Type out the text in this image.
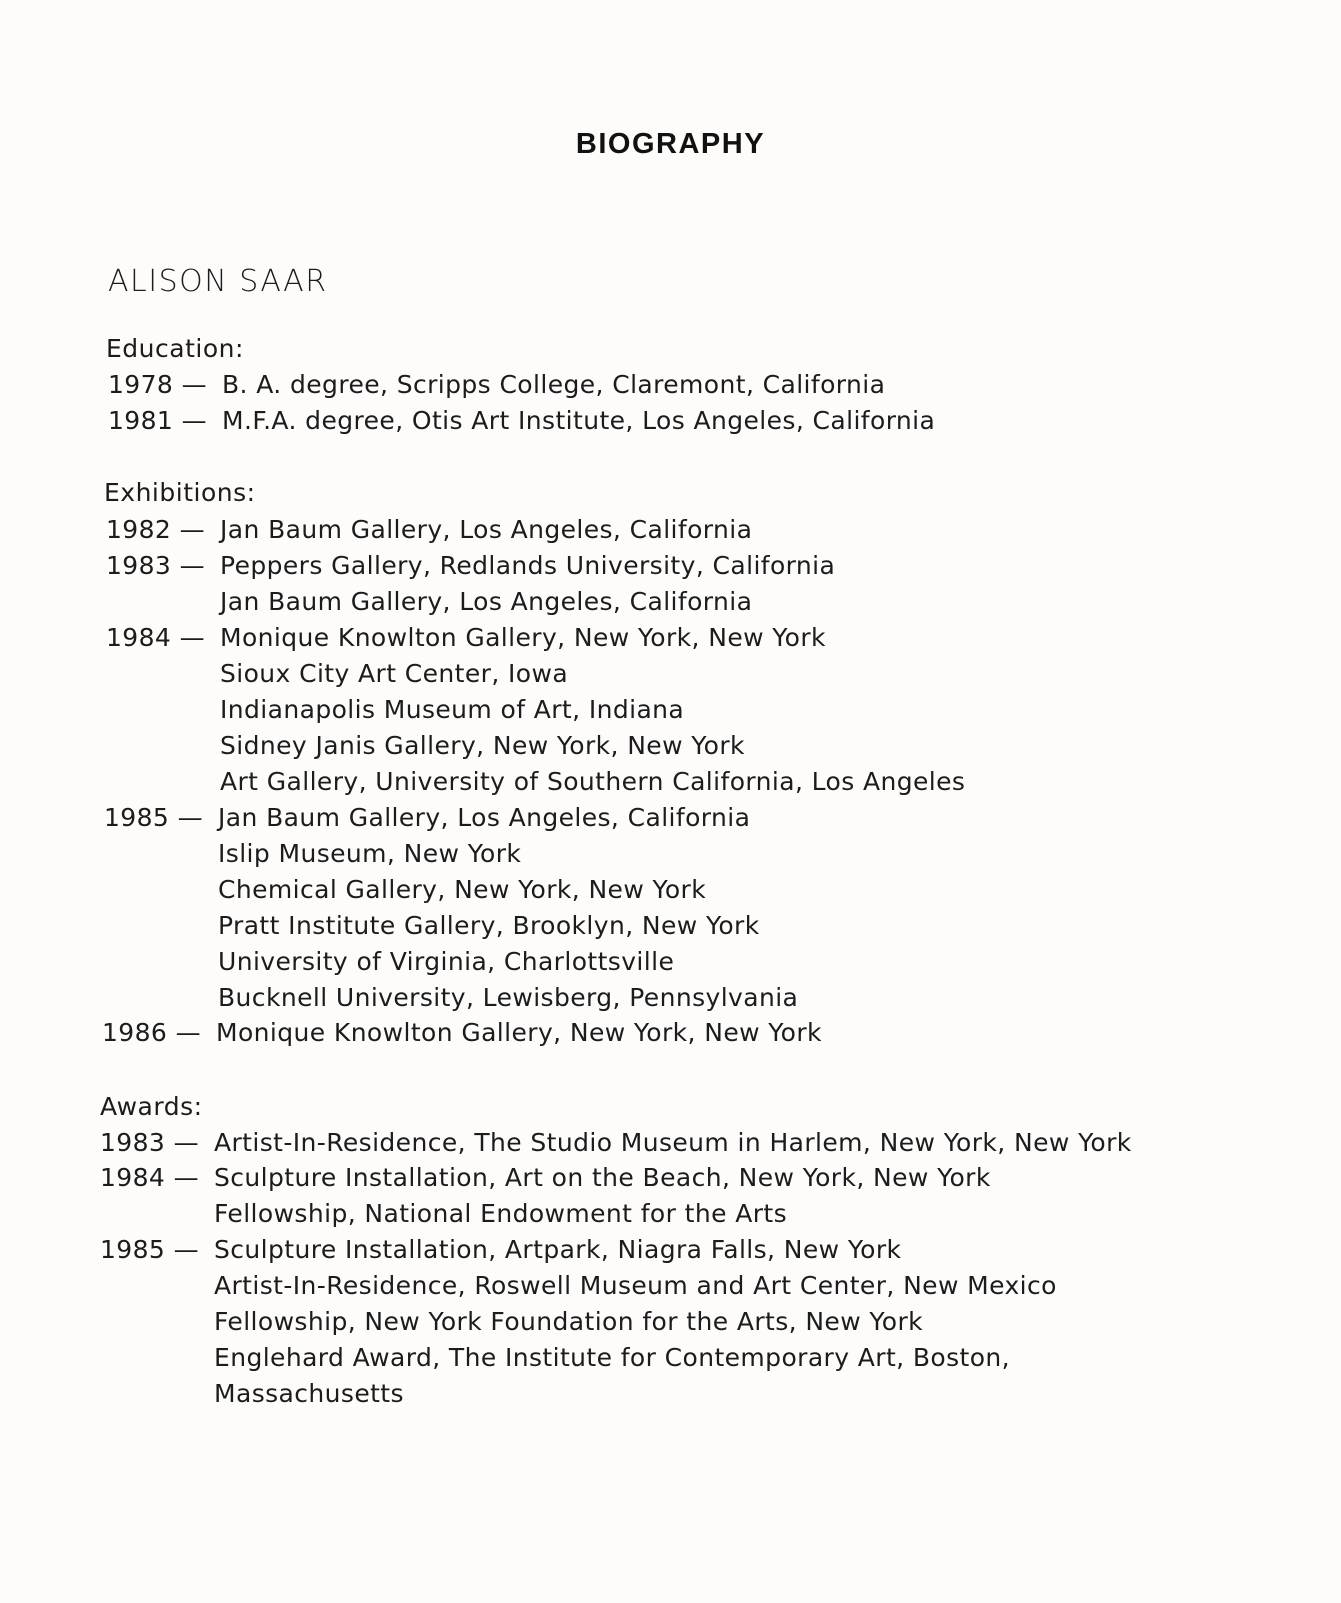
BIOGRAPHY
ALISON SAAR
Education:
1978 — B. A. degree, Scripps College, Claremont, California
1981 — M.F.A. degree, Otis Art Institute, Los Angeles, California
Exhibitions:
1982 — Jan Baum Gallery, Los Angeles, California
1983 — Peppers Gallery, Redlands University, California
Jan Baum Gallery, Los Angeles, California
1984 — Monique Knowlton Gallery, New York, New York
Sioux City Art Center, Iowa
Indianapolis Museum of Art, Indiana
Sidney Janis Gallery, New York, New York
Art Gallery, University of Southern California, Los Angeles
1985 — Jan Baum Gallery, Los Angeles, California
Islip Museum, New York
Chemical Gallery, New York, New York
Pratt Institute Gallery, Brooklyn, New York
University of Virginia, Charlottsville
Bucknell University, Lewisberg, Pennsylvania
1986 — Monique Knowlton Gallery, New York, New York
Awards:
1983 — Artist-In-Residence, The Studio Museum in Harlem, New York, New York
1984 — Sculpture Installation, Art on the Beach, New York, New York
Fellowship, National Endowment for the Arts
1985 — Sculpture Installation, Artpark, Niagra Falls, New York
Artist-In-Residence, Roswell Museum and Art Center, New Mexico
Fellowship, New York Foundation for the Arts, New York
Englehard Award, The Institute for Contemporary Art, Boston,
Massachusetts
